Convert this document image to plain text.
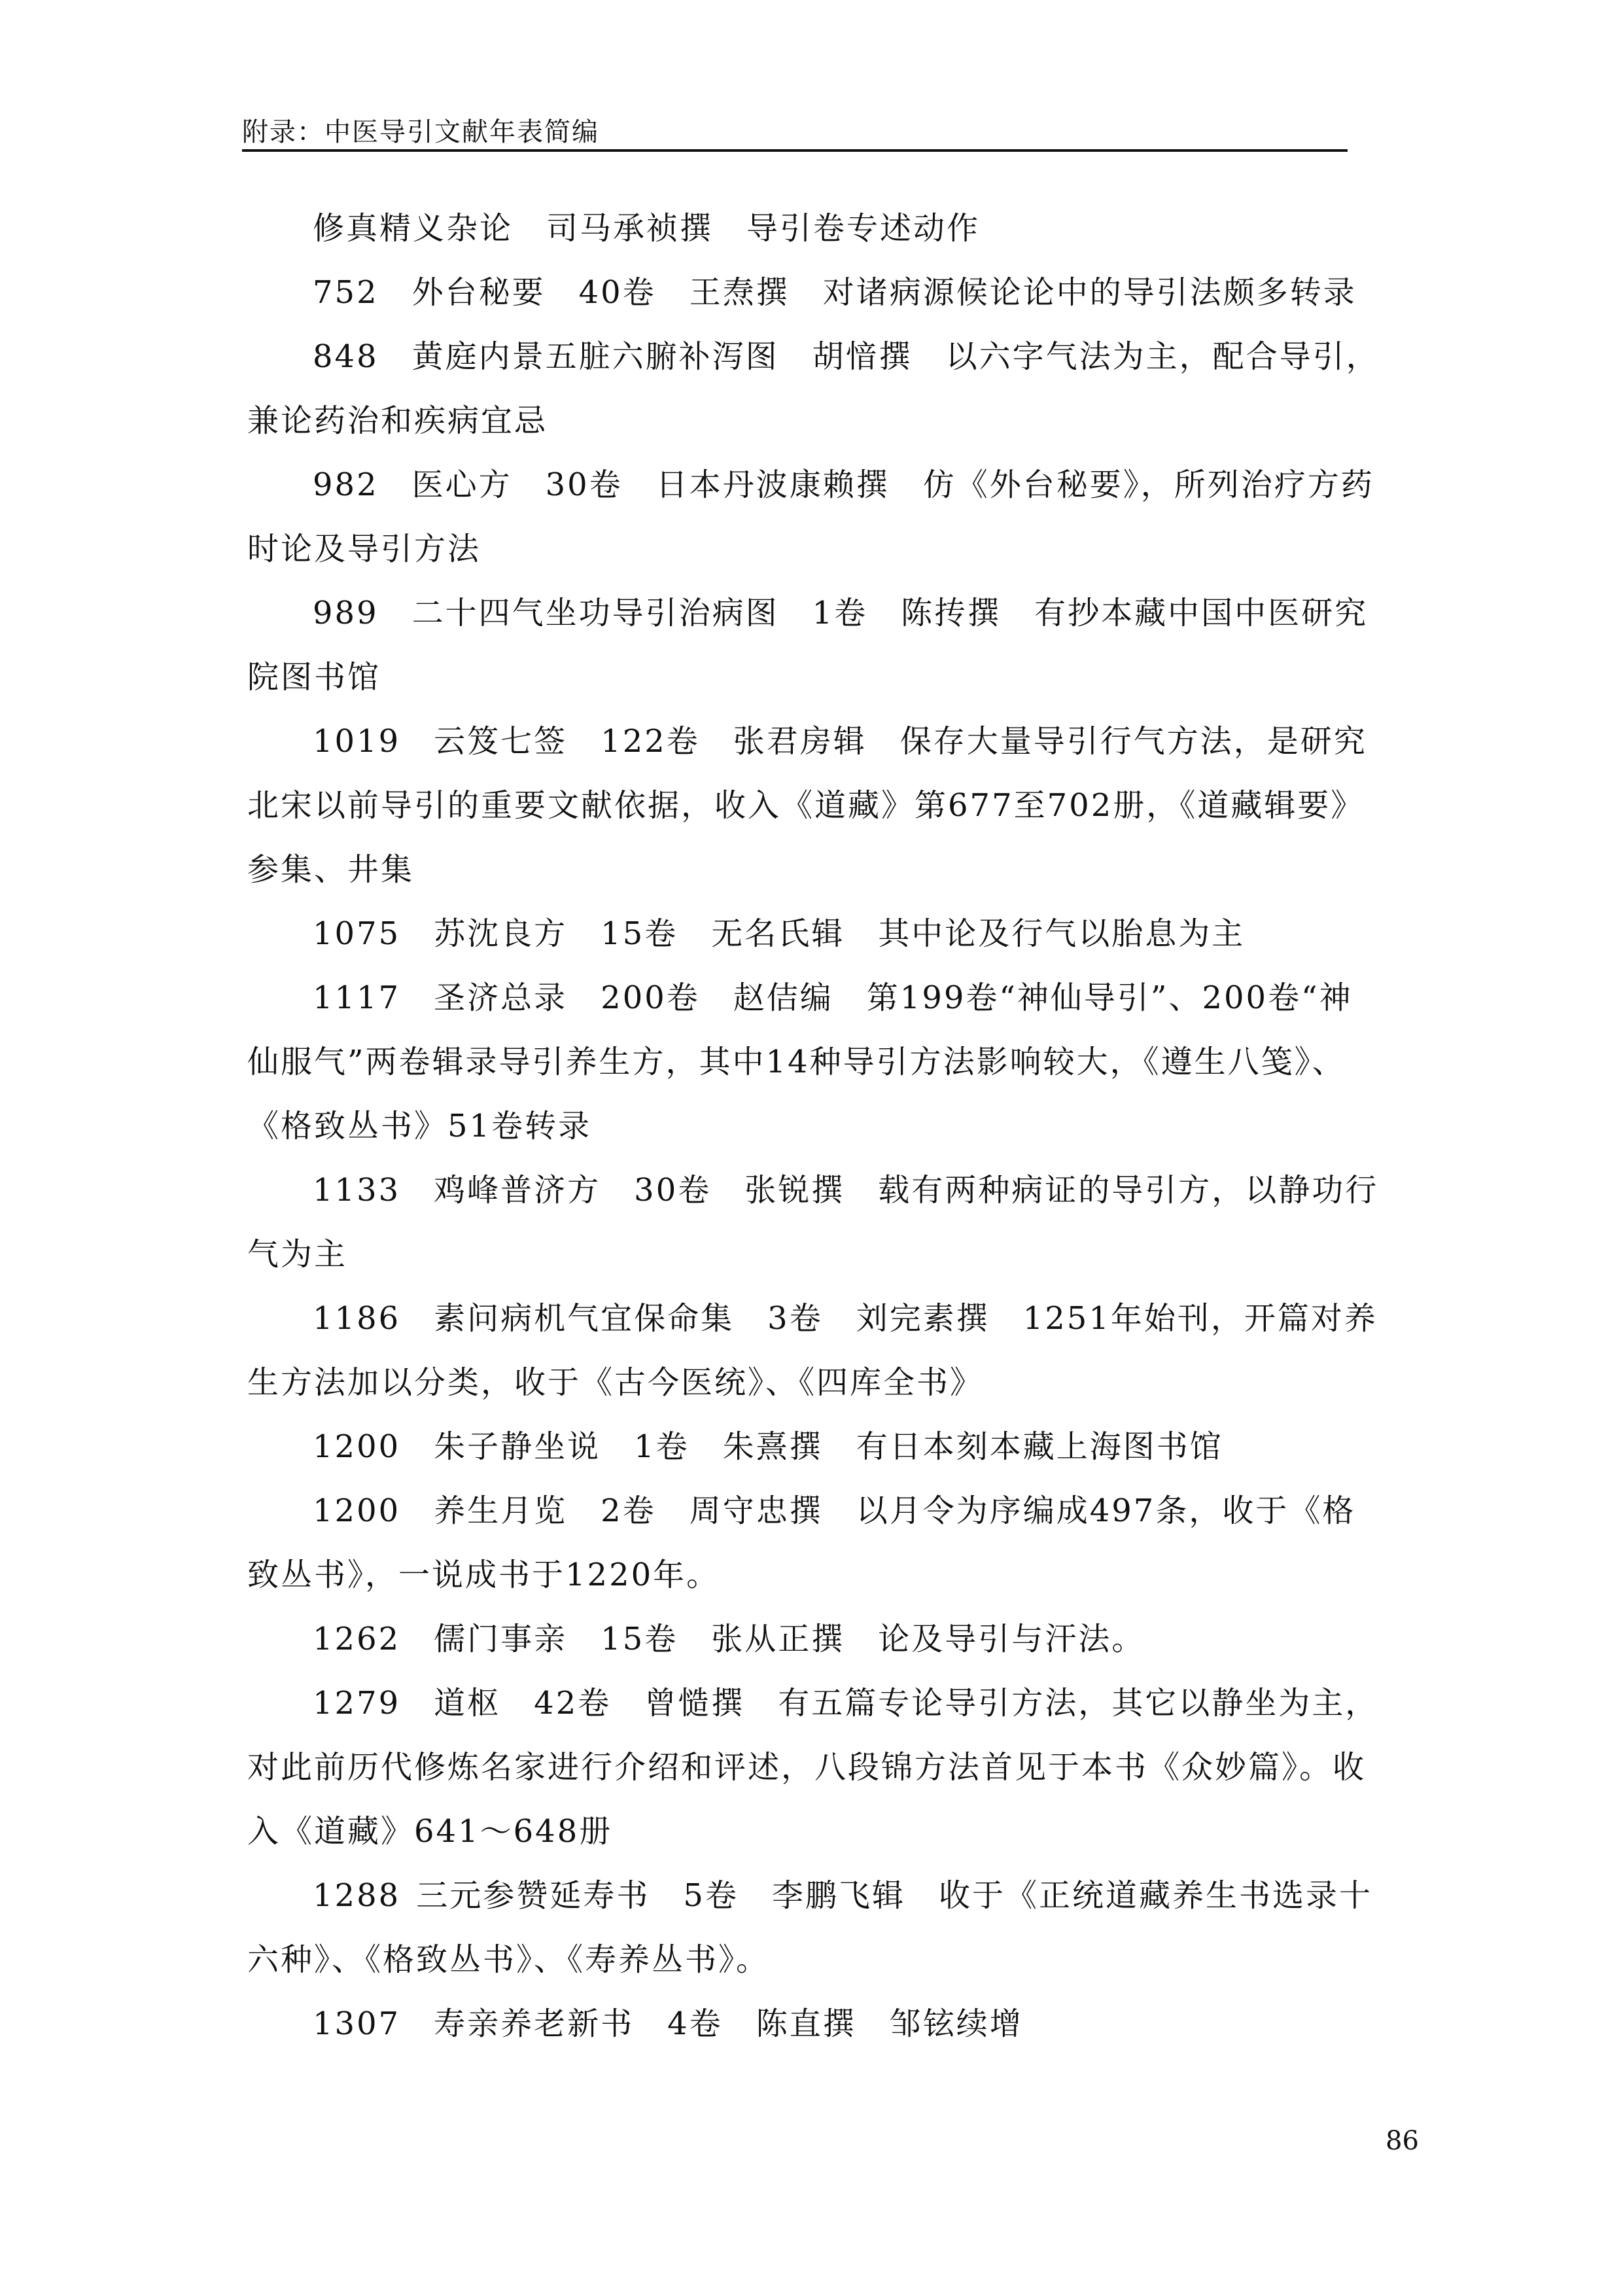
附录：中医导引文献年表简编

修真精义杂论　司马承祯撰　导引卷专述动作

752　外台秘要　40卷　王焘撰　对诸病源候论论中的导引法颇多转录

848　黄庭内景五脏六腑补泻图　胡愔撰　以六字气法为主，配合导引，兼论药治和疾病宜忌

982　医心方　30卷　日本丹波康赖撰　仿《外台秘要》，所列治疗方药时论及导引方法

989　二十四气坐功导引治病图　1卷　陈抟撰　有抄本藏中国中医研究院图书馆

1019　云笈七签　122卷　张君房辑　保存大量导引行气方法，是研究北宋以前导引的重要文献依据，收入《道藏》第677至702册，《道藏辑要》参集、井集

1075　苏沈良方　15卷　无名氏辑　其中论及行气以胎息为主

1117　圣济总录　200卷　赵佶编　第199卷“神仙导引”、200卷“神仙服气”两卷辑录导引养生方，其中14种导引方法影响较大，《遵生八笺》、《格致丛书》51卷转录

1133　鸡峰普济方　30卷　张锐撰　载有两种病证的导引方，以静功行气为主

1186　素问病机气宜保命集　3卷　刘完素撰　1251年始刊，开篇对养生方法加以分类，收于《古今医统》、《四库全书》

1200　朱子静坐说　1卷　朱熹撰　有日本刻本藏上海图书馆

1200　养生月览　2卷　周守忠撰　以月令为序编成497条，收于《格致丛书》，一说成书于1220年。

1262　儒门事亲　15卷　张从正撰　论及导引与汗法。

1279　道枢　42卷　曾慥撰　有五篇专论导引方法，其它以静坐为主，对此前历代修炼名家进行介绍和评述，八段锦方法首见于本书《众妙篇》。收入《道藏》641～648册

1288 三元参赞延寿书　5卷　李鹏飞辑　收于《正统道藏养生书选录十六种》、《格致丛书》、《寿养丛书》。

1307　寿亲养老新书　4卷　陈直撰　邹铉续增

86
